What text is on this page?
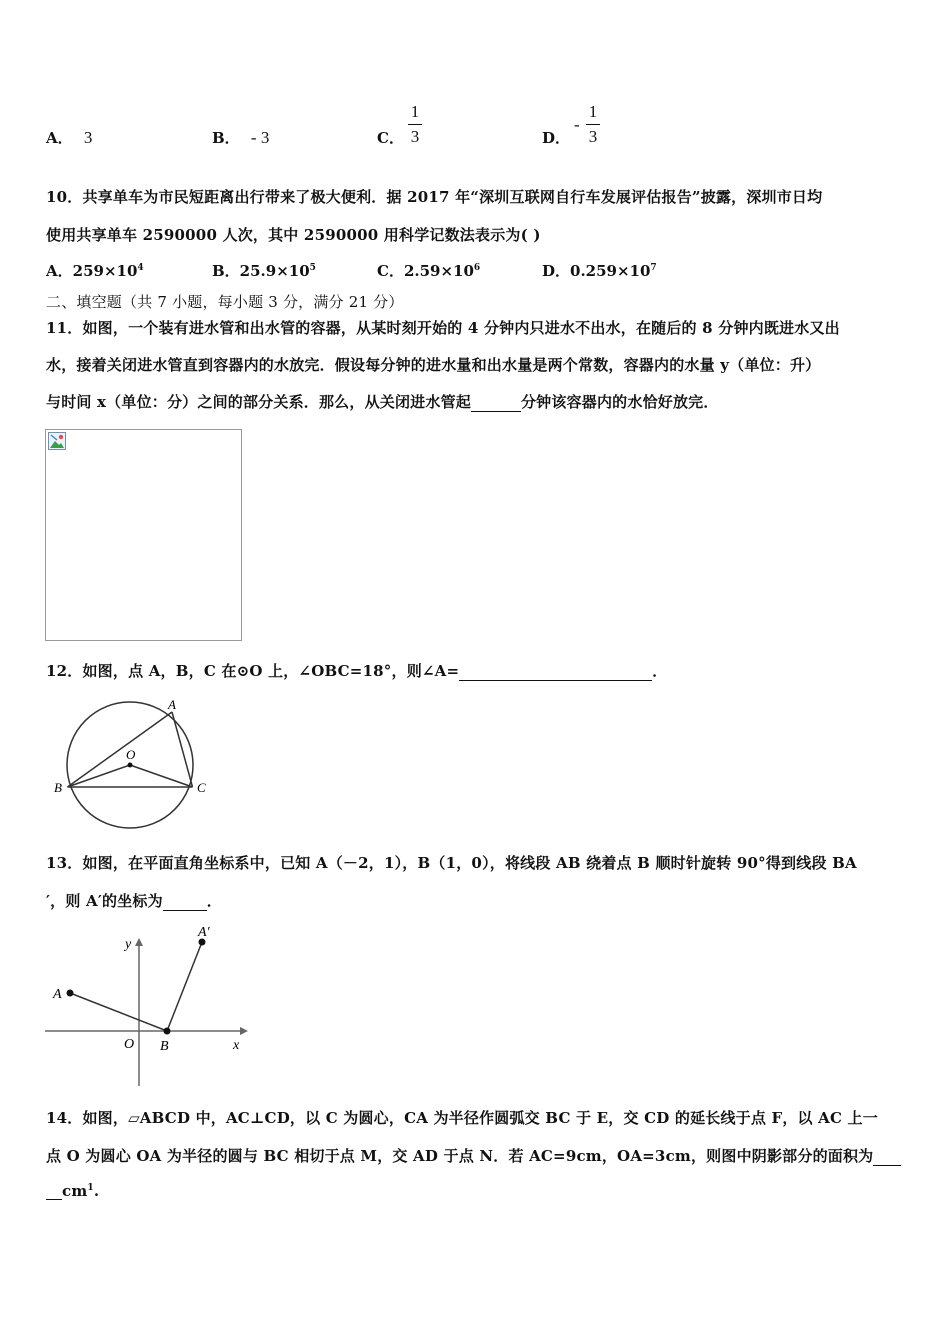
A． 3	B． - 3	C．
1
3	D．
-
1
3
10．共享单车为市民短距离出行带来了极大便利．据 2017 年“深圳互联网自行车发展评估报告”披露，深圳市日均
使用共享单车 2590000 人次，其中 2590000 用科学记数法表示为( )
A．$259\times 10^4$	B．$25.9\times 10^5$	C．$2.59\times 10^6$	D．$0.259\times 10^7$
二、填空题（共 7 小题，每小题 3 分，满分 21 分）
11．如图，一个装有进水管和出水管的容器，从某时刻开始的 4 分钟内只进水不出水，在随后的 8 分钟内既进水又出
水，接着关闭进水管直到容器内的水放完．假设每分钟的进水量和出水量是两个常数，容器内的水量 y（单位：升）
与时间 x（单位：分）之间的部分关系．那么，从关闭进水管起	分钟该容器内的水恰好放完．
12．如图，点 A，B，C 在⊙O 上，∠OBC=18°，则∠A=	．
A
B	C
O
13．如图，在平面直角坐标系中，已知 A（－2，1），B（1，0），将线段 AB 绕着点 B 顺时针旋转 90°得到线段 BA
′，则 A′的坐标为	．
y
x
O
A
B
A′
14．如图，▱ABCD 中，AC⊥CD，以 C 为圆心，CA 为半径作圆弧交 BC 于 E，交 CD 的延长线于点 F，以 AC 上一
点 O 为圆心 OA 为半径的圆与 BC 相切于点 M，交 AD 于点 N．若 AC=9cm，OA=3cm，则图中阴影部分的面积为
$cm^1$.
